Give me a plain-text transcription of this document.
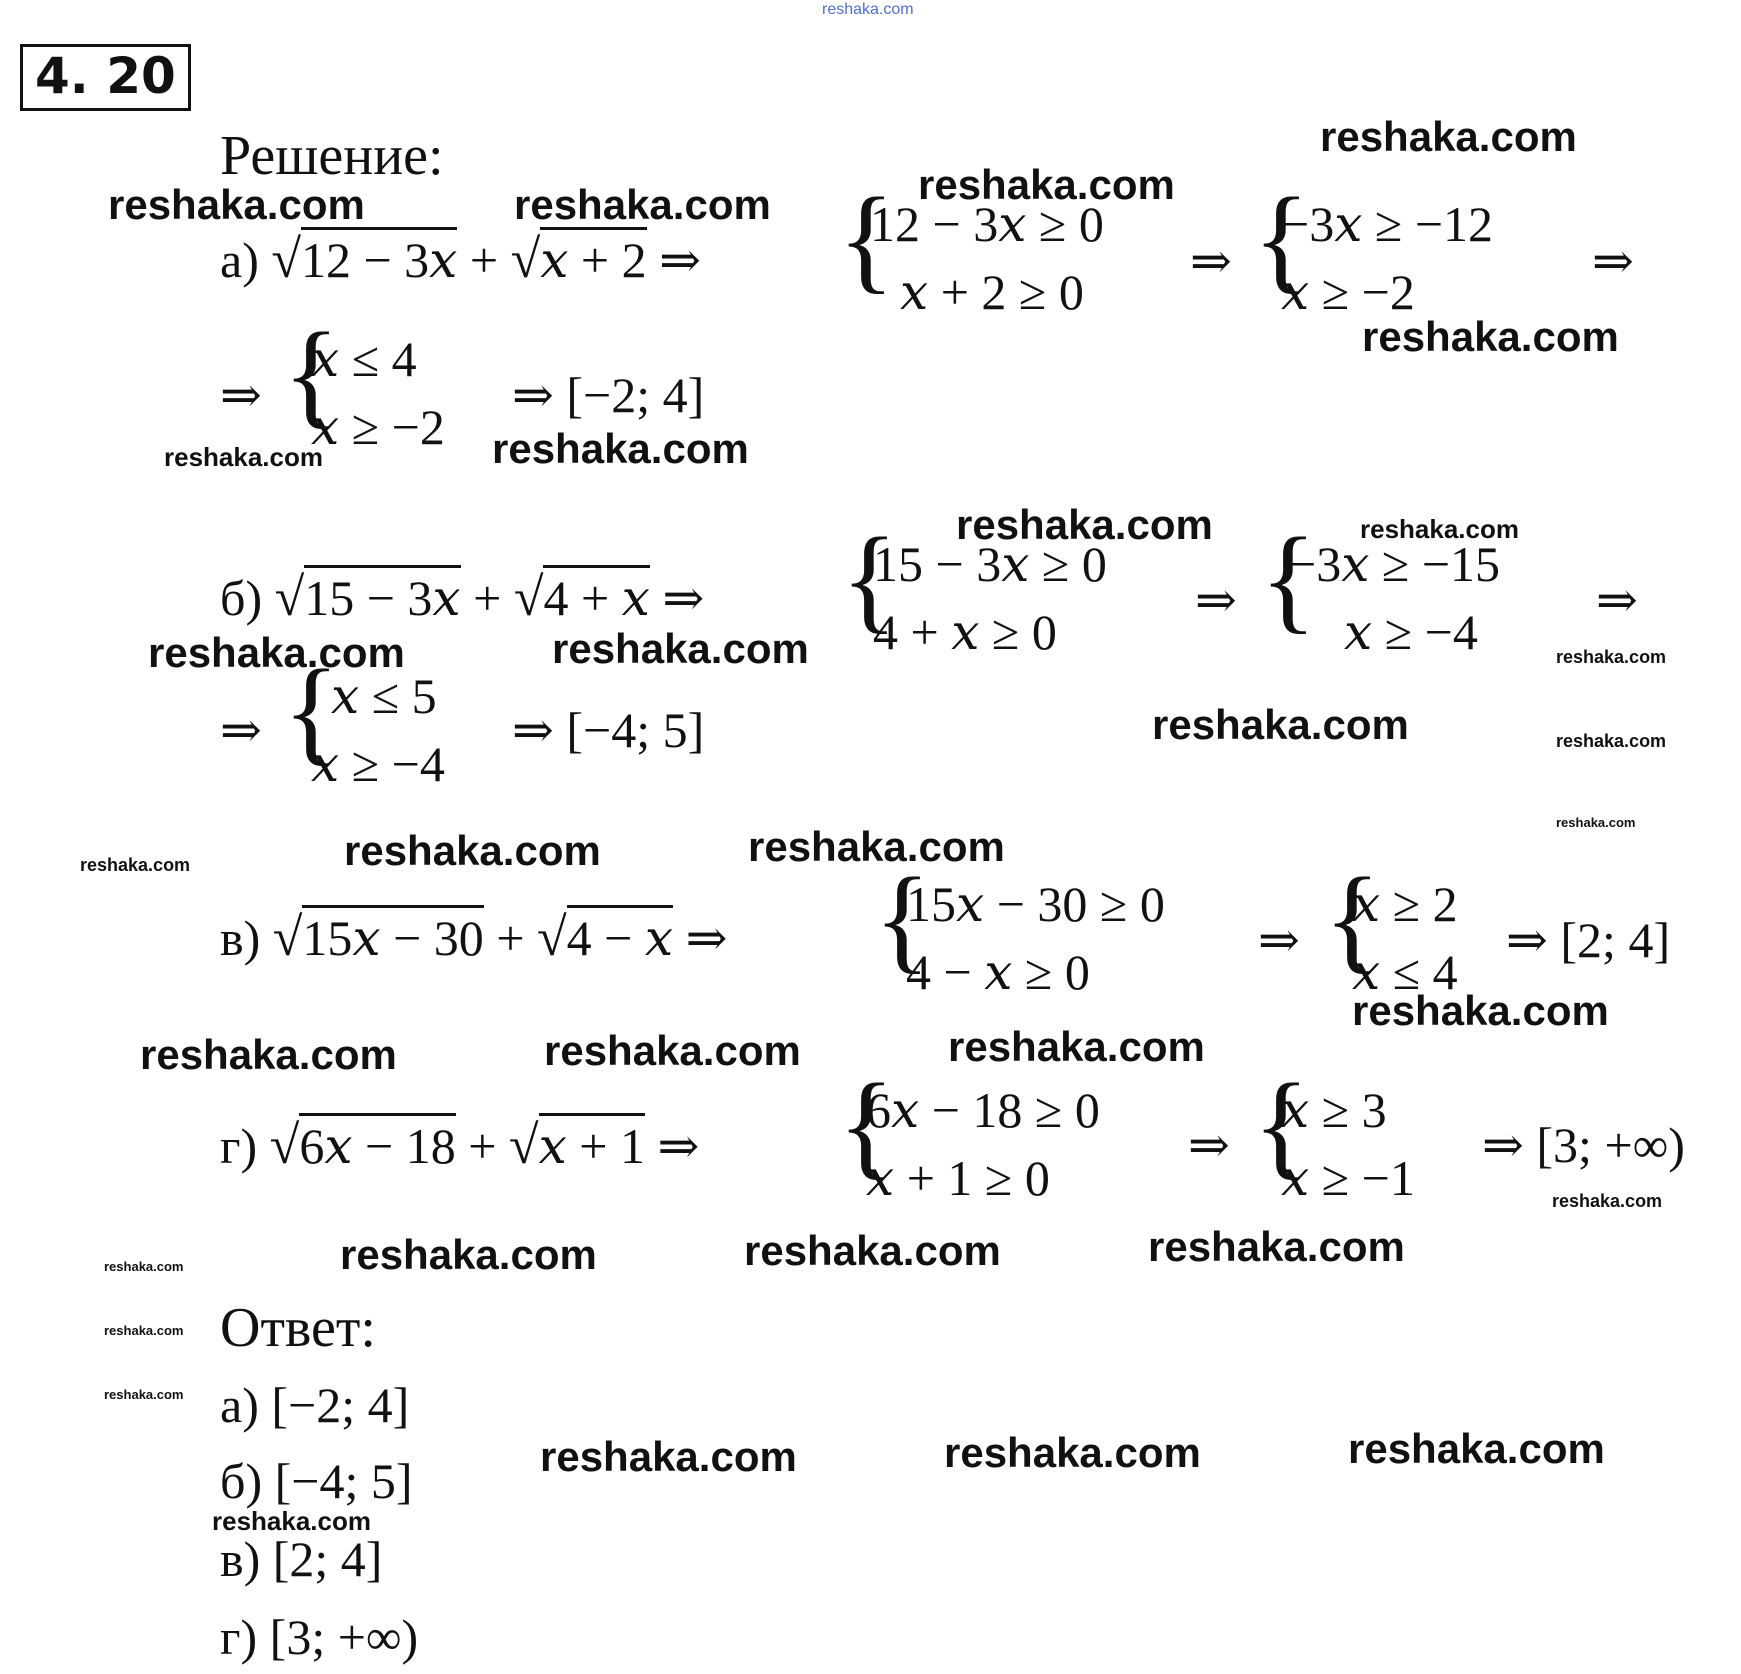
reshaka.com
4. 20
Решение:
а) √12 − 3𝑥 + √𝑥 + 2 ⇒ {
12 − 3𝑥 ≥ 0
𝑥 + 2 ≥ 0
⇒ {
−3𝑥 ≥ −12
𝑥 ≥ −2
⇒
⇒ {
𝑥 ≤ 4
𝑥 ≥ −2
⇒ [−2; 4]
б) √15 − 3𝑥 + √4 + 𝑥 ⇒ {
15 − 3𝑥 ≥ 0
4 + 𝑥 ≥ 0
⇒ {
−3𝑥 ≥ −15
𝑥 ≥ −4
⇒
⇒ {
𝑥 ≤ 5
𝑥 ≥ −4
⇒ [−4; 5]
в) √15𝑥 − 30 + √4 − 𝑥 ⇒ {
15𝑥 − 30 ≥ 0
4 − 𝑥 ≥ 0
⇒ {
𝑥 ≥ 2
𝑥 ≤ 4
⇒ [2; 4]
г) √6𝑥 − 18 + √𝑥 + 1 ⇒ {
6𝑥 − 18 ≥ 0
𝑥 + 1 ≥ 0
⇒ {
𝑥 ≥ 3
𝑥 ≥ −1
⇒ [3; +∞)
Ответ:
а) [−2; 4]
б) [−4; 5]
в) [2; 4]
г) [3; +∞)
reshaka.com
reshaka.com
reshaka.com	reshaka.com
reshaka.com
reshaka.com	reshaka.com
reshaka.com	reshaka.com
reshaka.com	reshaka.com	reshaka.com
reshaka.com	reshaka.com
reshaka.com
reshaka.com	reshaka.com	reshaka.com
reshaka.com
reshaka.com	reshaka.com	reshaka.com
reshaka.com
reshaka.com	reshaka.com	reshaka.com	reshaka.com
reshaka.com
reshaka.com
reshaka.com	reshaka.com	reshaka.com
reshaka.com
